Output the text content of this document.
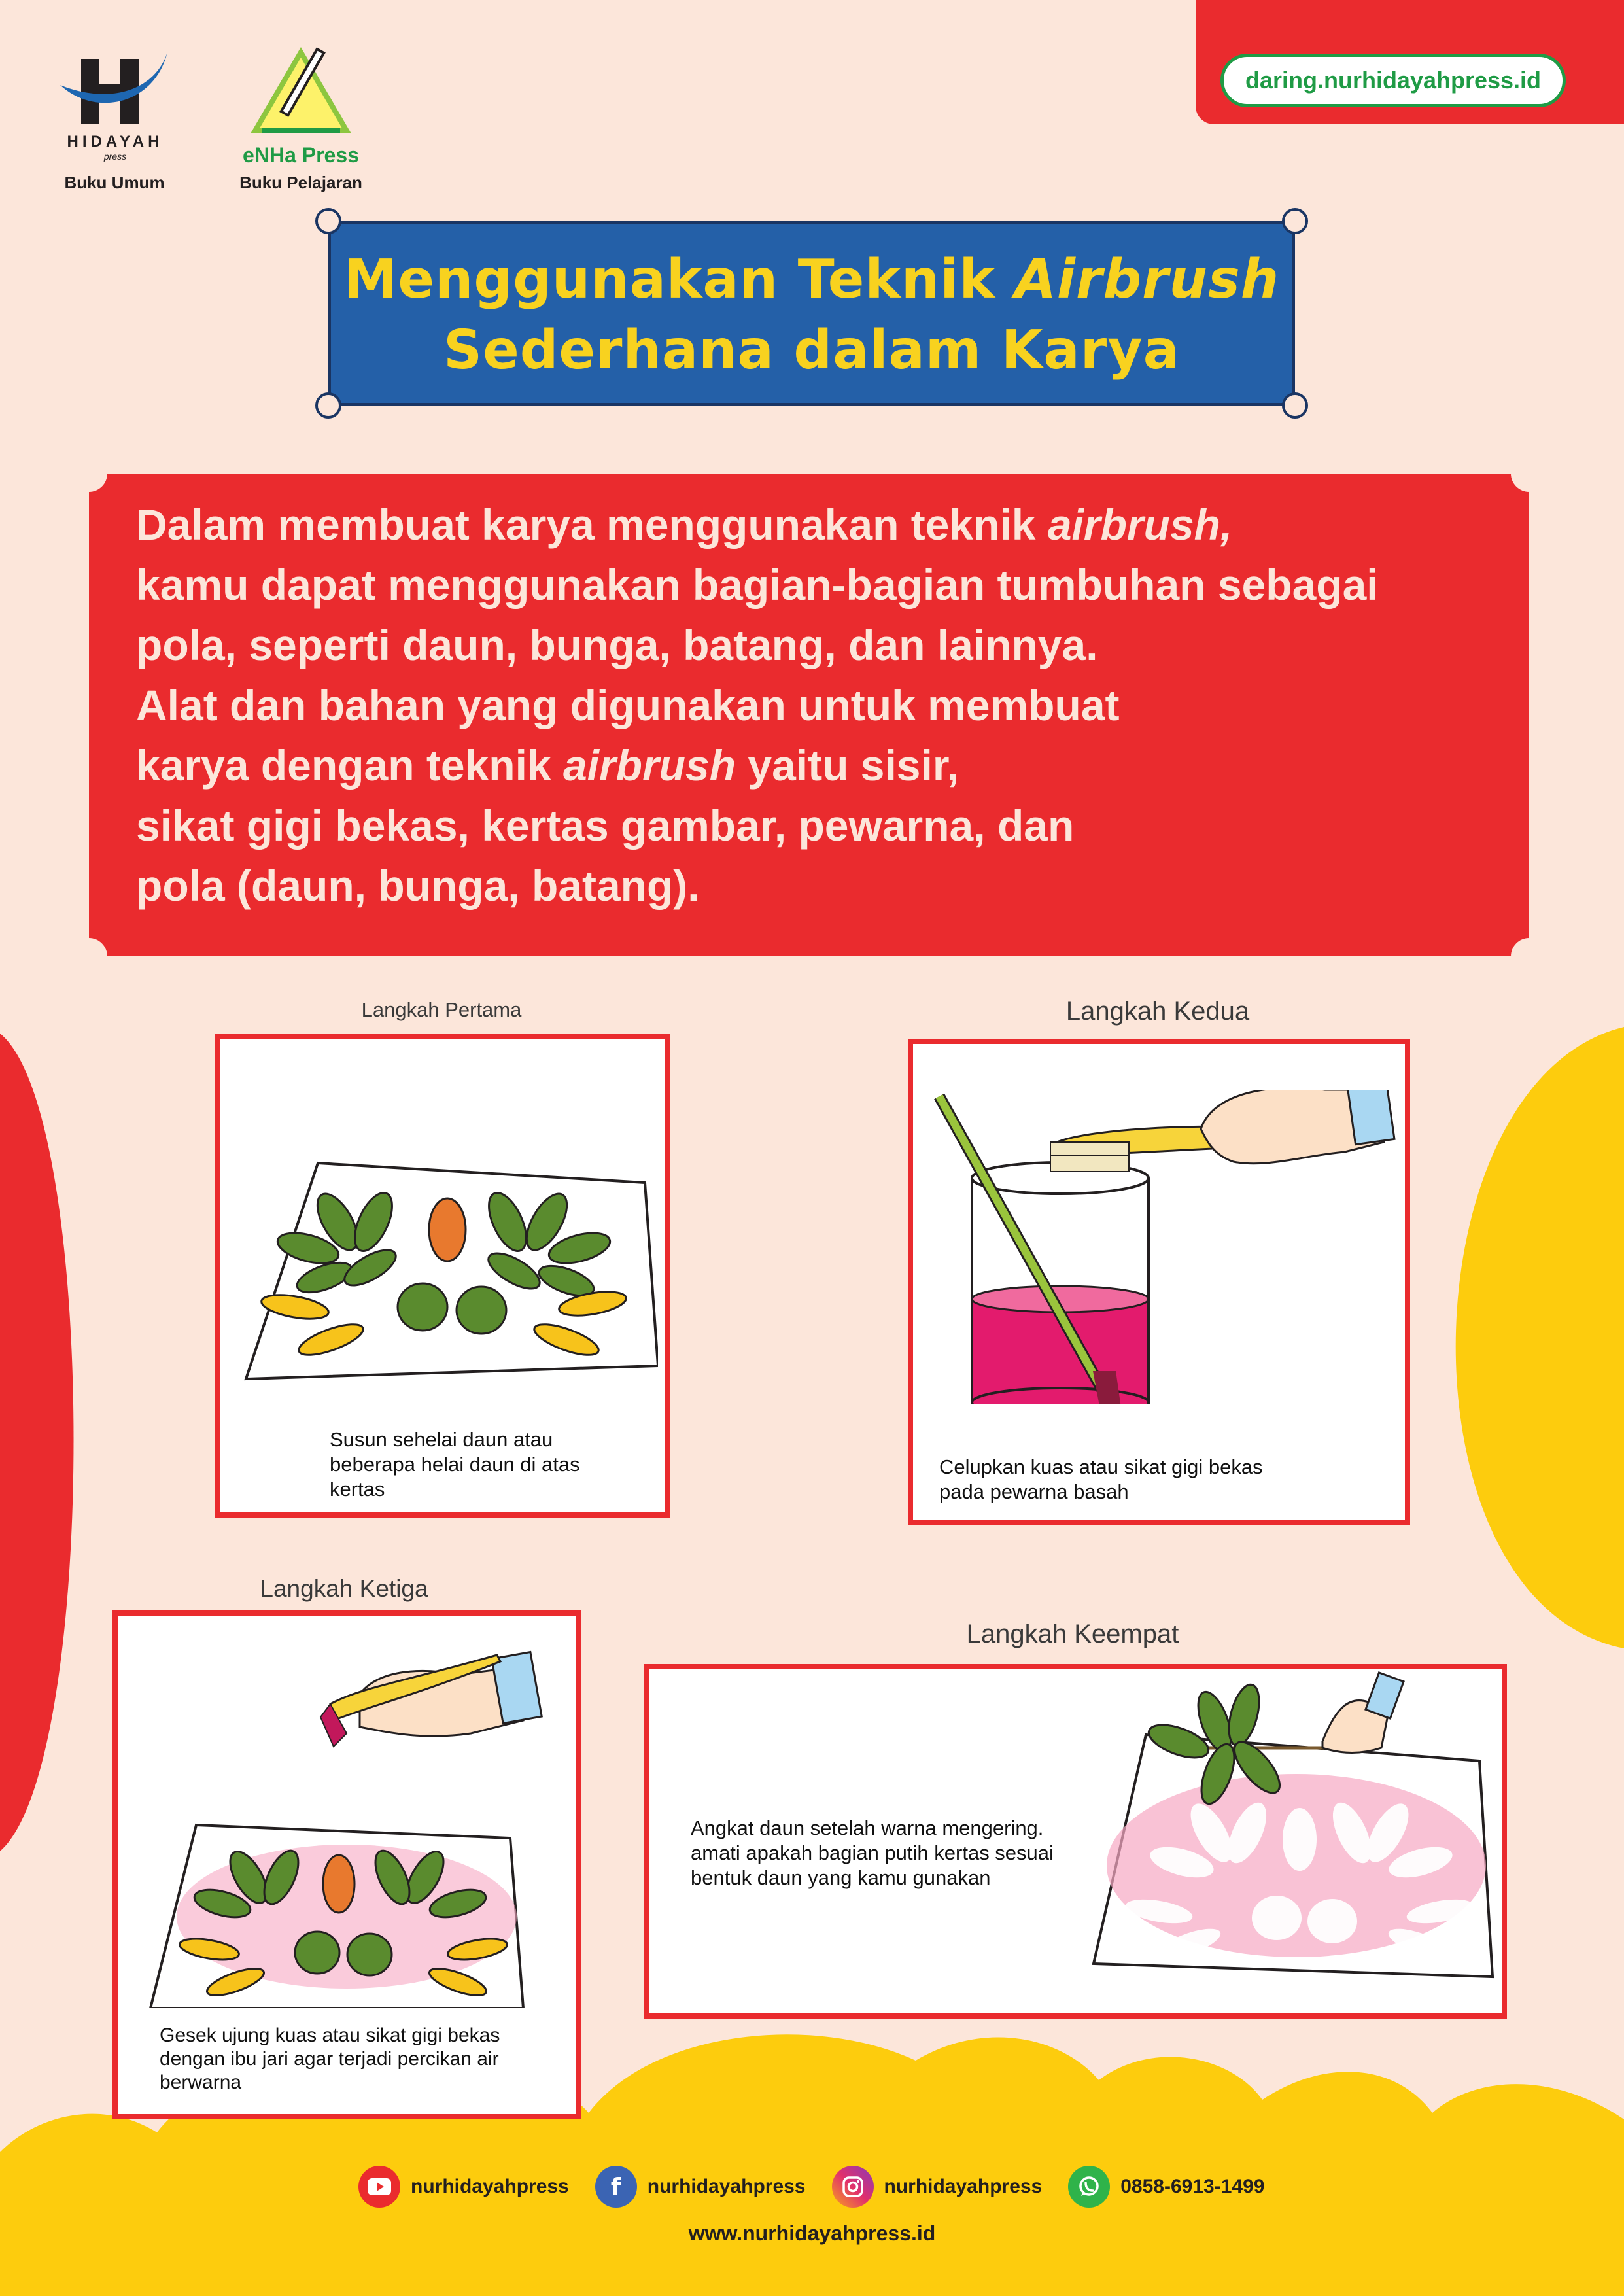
daring.nurhidayahpress.id
HIDAYAH
press
Buku Umum
eNHa Press
Buku Pelajaran
Menggunakan Teknik Airbrush
Sederhana dalam Karya
Dalam membuat karya menggunakan teknik airbrush,
kamu dapat menggunakan bagian-bagian tumbuhan sebagai
pola, seperti daun, bunga, batang, dan lainnya.
Alat dan bahan yang digunakan untuk membuat
karya dengan teknik airbrush yaitu sisir,
sikat gigi bekas, kertas gambar, pewarna, dan
pola (daun, bunga, batang).
Langkah Pertama
Susun sehelai daun atau
beberapa helai daun di atas
kertas
Langkah Kedua
Celupkan kuas atau sikat gigi bekas
pada pewarna basah
Langkah Ketiga
Gesek ujung kuas atau sikat gigi bekas
dengan ibu jari agar terjadi percikan air
berwarna
Langkah Keempat
Angkat daun setelah warna mengering.
amati apakah bagian putih kertas sesuai
bentuk daun yang kamu gunakan
nurhidayahpress	f	nurhidayahpress	nurhidayahpress	0858-6913-1499
www.nurhidayahpress.id
